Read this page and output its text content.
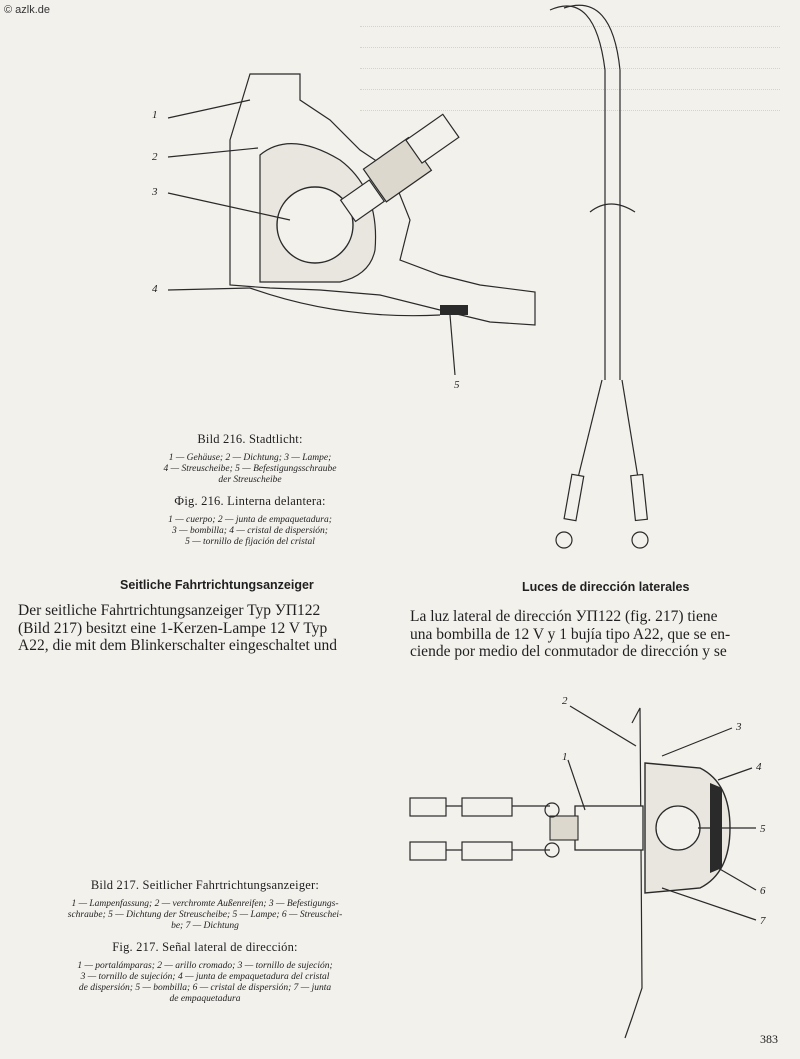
© azlk.de
1
2
3
4
5
Bild 216. Stadtlicht:
1 — Gehäuse; 2 — Dichtung; 3 — Lampe;
4 — Streuscheibe; 5 — Befestigungsschraube
der Streuscheibe
Фig. 216. Linterna delantera:
1 — cuerpo; 2 — junta de empaquetadura;
3 — bombilla; 4 — cristal de dispersión;
5 — tornillo de fijación del cristal
Seitliche Fahrtrichtungsanzeiger
Der seitliche Fahrtrichtungsanzeiger Typ УП122
(Bild 217) besitzt eine 1-Kerzen-Lampe 12 V Typ
A22, die mit dem Blinkerschalter eingeschaltet und
Luces de dirección laterales
La luz lateral de dirección УП122 (fig. 217) tiene
una bombilla de 12 V y 1 bujía tipo A22, que se en-
ciende por medio del conmutador de dirección y se
1
2
3
4
5
6
7
Bild 217. Seitlicher Fahrtrichtungsanzeiger:
1 — Lampenfassung; 2 — verchromte Außenreifen; 3 — Befestigungs-
schraube; 5 — Dichtung der Streuscheibe; 5 — Lampe; 6 — Streuschei-
be; 7 — Dichtung
Fig. 217. Señal lateral de dirección:
1 — portalámparas; 2 — arillo cromado; 3 — tornillo de sujeción;
3 — tornillo de sujeción; 4 — junta de empaquetadura del cristal
de dispersión; 5 — bombilla; 6 — cristal de dispersión; 7 — junta
de empaquetadura
383
